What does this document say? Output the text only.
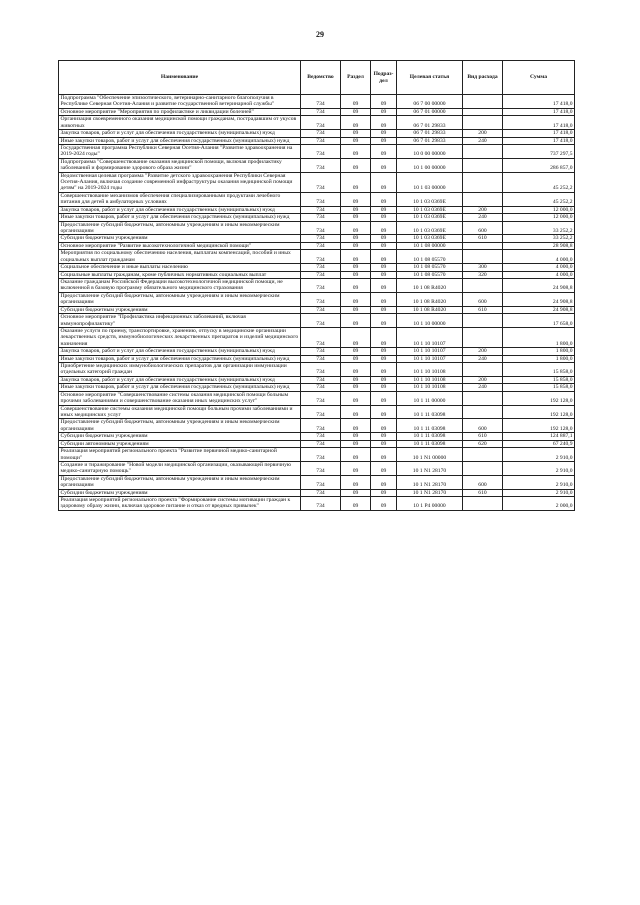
29
Наименование	Ведомство	Раздел	Подраз-дел	Целевая статья	Вид расхода	Сумма
Подпрограмма "Обеспечение эпизоотического, ветеринарно-санитарного благополучия в Республике Северная Осетия-Алания и развитие государственной ветеринарной службы"	734	09	09	06 7 00 00000		17 418,0
Основное мероприятие "Мероприятия по профилактике и ликвидации болезней"	734	09	09	06 7 01 00000		17 418,0
Организация своевременного оказания медицинской помощи гражданам, пострадавшим от укусов животных	734	09	09	06 7 01 29833		17 418,0
Закупка товаров, работ и услуг для обеспечения государственных (муниципальных) нужд	734	09	09	06 7 01 29833	200	17 418,0
Иные закупки товаров, работ и услуг для обеспечения государственных (муниципальных) нужд	734	09	09	06 7 01 29833	240	17 418,0
Государственная программа Республики Северная Осетия-Алания "Развитие здравоохранения на 2019-2024 годы"	734	09	09	10 0 00 00000		737 297,5
Подпрограмма "Совершенствование оказания медицинской помощи, включая профилактику заболеваний и формирование здорового образа жизни"	734	09	09	10 1 00 00000		286 857,0
Ведомственная целевая программа "Развитие детского здравоохранения Республики Северная Осетия-Алания, включая создание современной инфраструктуры оказания медицинской помощи детям" на 2019-2024 годы	734	09	09	10 1 03 00000		45 252,2
Совершенствование механизмов обеспечения специализированными продуктами лечебного питания для детей в амбулаторных условиях	734	09	09	10 1 03 0369Е		45 252,2
Закупка товаров, работ и услуг для обеспечения государственных (муниципальных) нужд	734	09	09	10 1 03 0369Е	200	12 000,0
Иные закупки товаров, работ и услуг для обеспечения государственных (муниципальных) нужд	734	09	09	10 1 03 0369Е	240	12 000,0
Предоставление субсидий бюджетным, автономным учреждениям и иным некоммерческим организациям	734	09	09	10 1 03 0369Е	600	33 252,2
Субсидии бюджетным учреждениям	734	09	09	10 1 03 0369Е	610	33 252,2
Основное мероприятие "Развитие высокотехнологичной медицинской помощи"	734	09	09	10 1 08 00000		28 908,8
Мероприятия по социальному обеспечению населения, выплатам компенсаций, пособий и иных социальных выплат гражданам	734	09	09	10 1 08 05570		4 000,0
Социальное обеспечение и иные выплаты населению	734	09	09	10 1 08 05570	300	4 000,0
Социальные выплаты гражданам, кроме публичных нормативных социальных выплат	734	09	09	10 1 08 05570	320	4 000,0
Оказание гражданам Российской Федерации высокотехнологичной медицинской помощи, не включенной в базовую программу обязательного медицинского страхования	734	09	09	10 1 08 R4020		24 908,8
Предоставление субсидий бюджетным, автономным учреждениям и иным некоммерческим организациям	734	09	09	10 1 08 R4020	600	24 908,8
Субсидии бюджетным учреждениям	734	09	09	10 1 08 R4020	610	24 908,8
Основное мероприятие "Профилактика инфекционных заболеваний, включая иммунопрофилактику"	734	09	09	10 1 10 00000		17 658,0
Оказание услуги по приему, транспортировке, хранению, отпуску в медицинские организации лекарственных средств, иммунобиологических лекарственных препаратов и изделий медицинского назначения	734	09	09	10 1 10 10107		1 800,0
Закупка товаров, работ и услуг для обеспечения государственных (муниципальных) нужд	734	09	09	10 1 10 10107	200	1 800,0
Иные закупки товаров, работ и услуг для обеспечения государственных (муниципальных) нужд	734	09	09	10 1 10 10107	240	1 800,0
Приобретение медицинских иммунобиологических препаратов для организации иммунизации отдельных категорий граждан	734	09	09	10 1 10 10108		15 858,0
Закупка товаров, работ и услуг для обеспечения государственных (муниципальных) нужд	734	09	09	10 1 10 10108	200	15 858,0
Иные закупки товаров, работ и услуг для обеспечения государственных (муниципальных) нужд	734	09	09	10 1 10 10108	240	15 858,0
Основное мероприятие "Совершенствование системы оказания медицинской помощи больным прочими заболеваниями и совершенствование оказания иных медицинских услуг"	734	09	09	10 1 11 00000		192 128,0
Совершенствование системы оказания медицинской помощи больным прочими заболеваниями и иных медицинских услуг	734	09	09	10 1 11 03098		192 128,0
Предоставление субсидий бюджетным, автономным учреждениям и иным некоммерческим организациям	734	09	09	10 1 11 03098	600	192 128,0
Субсидии бюджетным учреждениям	734	09	09	10 1 11 03098	610	124 887,1
Субсидии автономным учреждениям	734	09	09	10 1 11 03098	620	67 240,9
Реализация мероприятий регионального проекта "Развитие первичной медико-санитарной помощи"	734	09	09	10 1 N1 00000		2 910,0
Создание и тиражирование "Новой модели медицинской организации, оказывающей первичную медико-санитарную помощь"	734	09	09	10 1 N1 28170		2 910,0
Предоставление субсидий бюджетным, автономным учреждениям и иным некоммерческим организациям	734	09	09	10 1 N1 28170	600	2 910,0
Субсидии бюджетным учреждениям	734	09	09	10 1 N1 28170	610	2 910,0
Реализация мероприятий регионального проекта "Формирование системы мотивации граждан к здоровому образу жизни, включая здоровое питание и отказ от вредных привычек"	734	09	09	10 1 P4 00000		2 000,0
